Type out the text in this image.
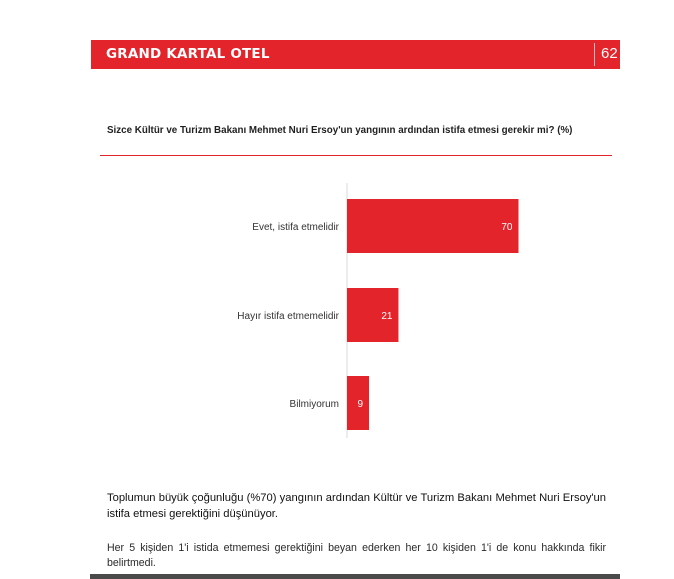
GRAND KARTAL OTEL	62
Sizce Kültür ve Turizm Bakanı Mehmet Nuri Ersoy'un yangının ardından istifa etmesi gerekir mi? (%)
Evet, istifa etmelidir	70
Hayır istifa etmemelidir	21
Bilmiyorum 9
Toplumun büyük çoğunluğu (%70) yangının ardından Kültür ve Turizm Bakanı Mehmet Nuri Ersoy'un istifa etmesi gerektiğini düşünüyor.
Her 5 kişiden 1'i istida etmemesi gerektiğini beyan ederken her 10 kişiden 1'i de konu hakkında fikir belirtmedi.
